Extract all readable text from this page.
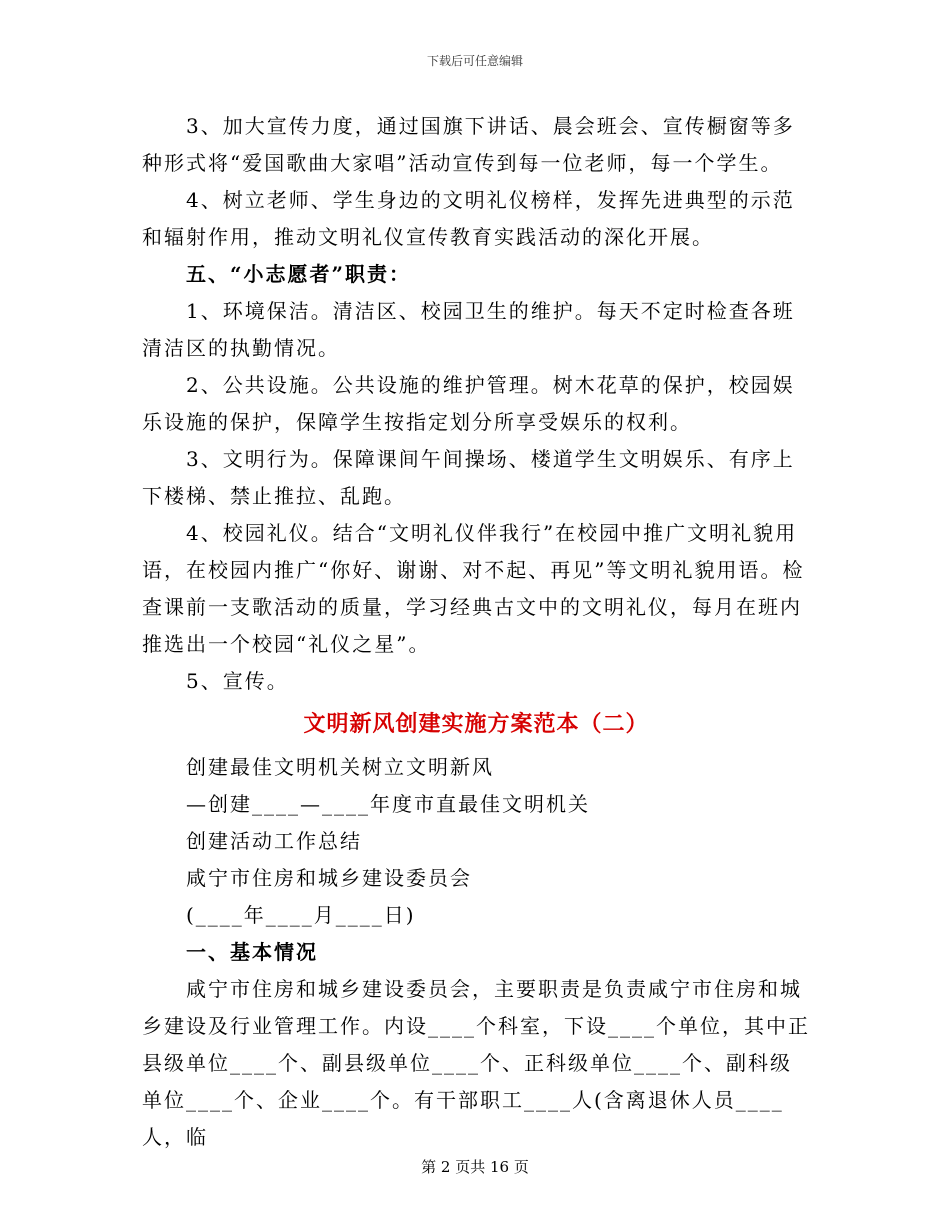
下载后可任意编辑

3、加大宣传力度，通过国旗下讲话、晨会班会、宣传橱窗等多种形式将“爱国歌曲大家唱”活动宣传到每一位老师，每一个学生。

4、树立老师、学生身边的文明礼仪榜样，发挥先进典型的示范和辐射作用，推动文明礼仪宣传教育实践活动的深化开展。

五、“小志愿者”职责：

1、环境保洁。清洁区、校园卫生的维护。每天不定时检查各班清洁区的执勤情况。

2、公共设施。公共设施的维护管理。树木花草的保护，校园娱乐设施的保护，保障学生按指定划分所享受娱乐的权利。

3、文明行为。保障课间午间操场、楼道学生文明娱乐、有序上下楼梯、禁止推拉、乱跑。

4、校园礼仪。结合“文明礼仪伴我行”在校园中推广文明礼貌用语，在校园内推广“你好、谢谢、对不起、再见”等文明礼貌用语。检查课前一支歌活动的质量，学习经典古文中的文明礼仪，每月在班内推选出一个校园“礼仪之星”。

5、宣传。

文明新风创建实施方案范本（二）

创建最佳文明机关树立文明新风

—创建____—____年度市直最佳文明机关

创建活动工作总结

咸宁市住房和城乡建设委员会

(____年____月____日)

一、基本情况

咸宁市住房和城乡建设委员会，主要职责是负责咸宁市住房和城乡建设及行业管理工作。内设____个科室，下设____个单位，其中正县级单位____个、副县级单位____个、正科级单位____个、副科级单位____个、企业____个。有干部职工____人(含离退休人员____人，临

第 2 页共 16 页
